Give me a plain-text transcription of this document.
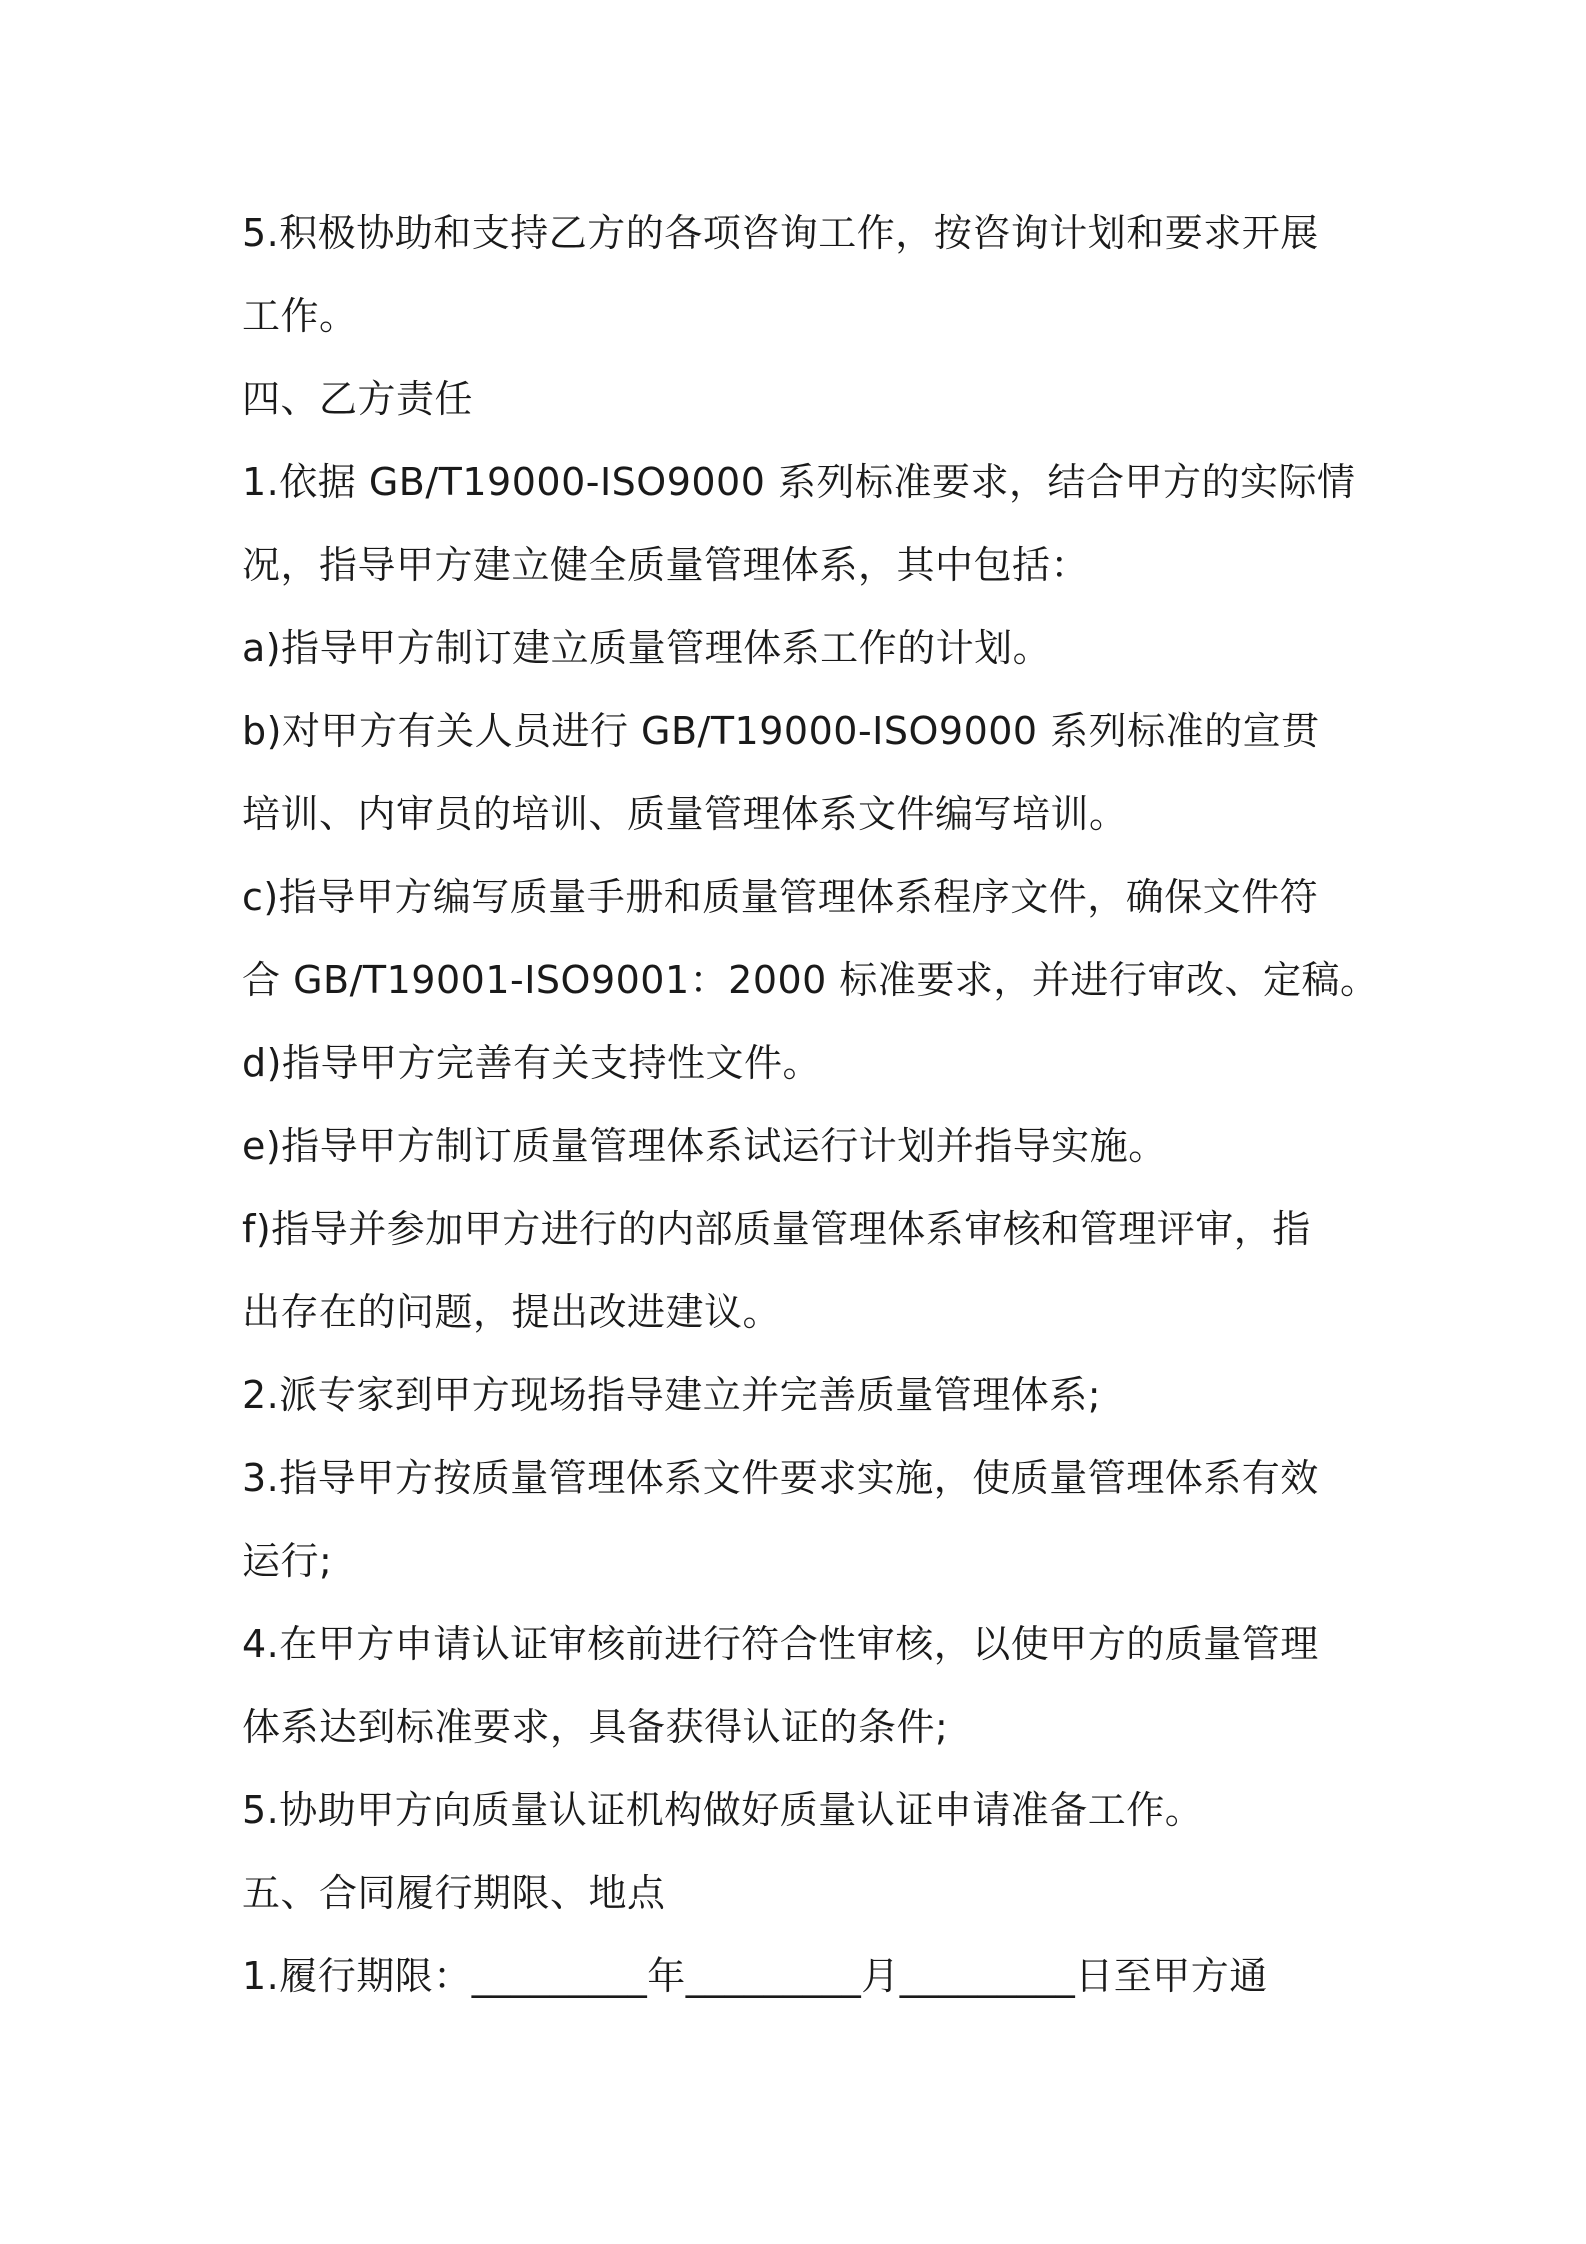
5.积极协助和支持乙方的各项咨询工作，按咨询计划和要求开展
工作。
四、乙方责任
1.依据 GB/T19000-ISO9000 系列标准要求，结合甲方的实际情
况，指导甲方建立健全质量管理体系，其中包括：
a)指导甲方制订建立质量管理体系工作的计划。
b)对甲方有关人员进行 GB/T19000-ISO9000 系列标准的宣贯
培训、内审员的培训、质量管理体系文件编写培训。
c)指导甲方编写质量手册和质量管理体系程序文件，确保文件符
合 GB/T19001-ISO9001：2000 标准要求，并进行审改、定稿。
d)指导甲方完善有关支持性文件。
e)指导甲方制订质量管理体系试运行计划并指导实施。
f)指导并参加甲方进行的内部质量管理体系审核和管理评审，指
出存在的问题，提出改进建议。
2.派专家到甲方现场指导建立并完善质量管理体系;
3.指导甲方按质量管理体系文件要求实施，使质量管理体系有效
运行;
4.在甲方申请认证审核前进行符合性审核，以使甲方的质量管理
体系达到标准要求，具备获得认证的条件;
5.协助甲方向质量认证机构做好质量认证申请准备工作。
五、合同履行期限、地点
1.履行期限：_________年_________月_________日至甲方通
